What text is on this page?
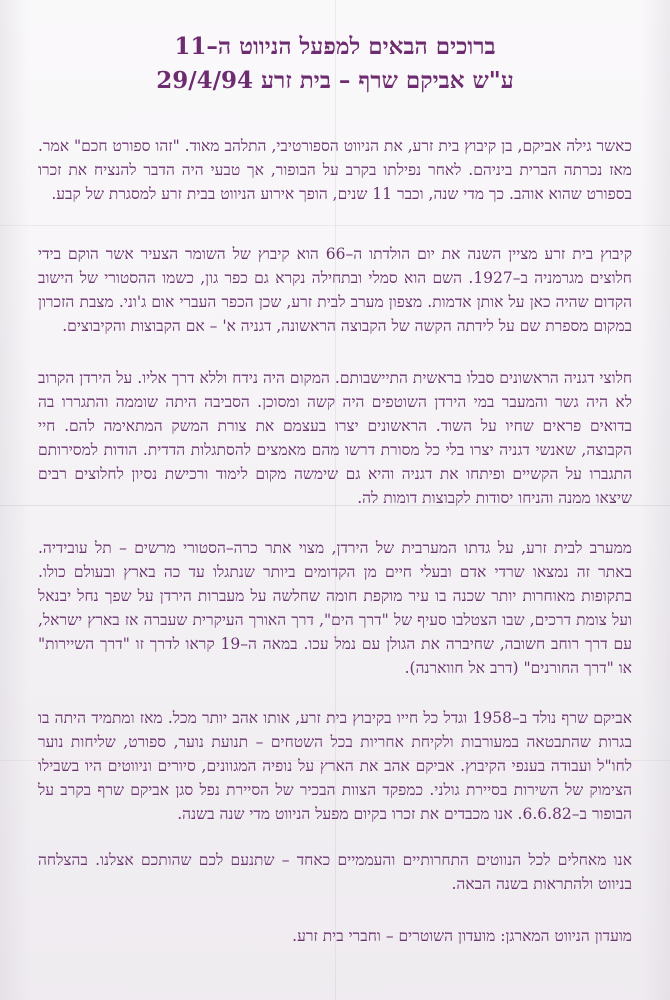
ברוכים הבאים למפעל הניווט ה–11
ע"ש אביקם שרף – בית זרע 29/4/94

כאשר גילה אביקם, בן קיבוץ בית זרע, את הניווט הספורטיבי, התלהב מאוד. "זהו ספורט חכם" אמר. מאז נכרתה הברית ביניהם. לאחר נפילתו בקרב על הבופור, אך טבעי היה הדבר להנציח את זכרו בספורט שהוא אוהב. כך מדי שנה, וכבר 11 שנים, הופך אירוע הניווט בבית זרע למסגרת של קבע.

קיבוץ בית זרע מציין השנה את יום הולדתו ה–66 הוא קיבוץ של השומר הצעיר אשר הוקם בידי חלוצים מגרמניה ב–1927. השם הוא סמלי ובתחילה נקרא גם כפר גון, כשמו ההסטורי של הישוב הקדום שהיה כאן על אותן אדמות. מצפון מערב לבית זרע, שכן הכפר העברי אום ג'וני. מצבת הזכרון במקום מספרת שם על לידתה הקשה של הקבוצה הראשונה, דגניה א' – אם הקבוצות והקיבוצים.

חלוצי דגניה הראשונים סבלו בראשית התיישבותם. המקום היה נידח וללא דרך אליו. על הירדן הקרוב לא היה גשר והמעבר במי הירדן השוטפים היה קשה ומסוכן. הסביבה היתה שוממה והתגררו בה בדואים פראים שחיו על השוד. הראשונים יצרו בעצמם את צורת המשק המתאימה להם. חיי הקבוצה, שאנשי דגניה יצרו בלי כל מסורת דרשו מהם מאמצים להסתגלות הדדית. הודות למסירותם התגברו על הקשיים ופיתחו את דגניה והיא גם שימשה מקום לימוד ורכישת נסיון לחלוצים רבים שיצאו ממנה והניחו יסודות לקבוצות דומות לה.

ממערב לבית זרע, על גדתו המערבית של הירדן, מצוי אתר כרה–הסטורי מרשים – תל עובידיה. באתר זה נמצאו שרדי אדם ובעלי חיים מן הקדומים ביותר שנתגלו עד כה בארץ ובעולם כולו. בתקופות מאוחרות יותר שכנה בו עיר מוקפת חומה שחלשה על מעברות הירדן על שפך נחל יבנאל ועל צומת דרכים, שבו הצטלבו סעיף של "דרך הים", דרך האורך העיקרית שעברה אז בארץ ישראל, עם דרך רוחב חשובה, שחיברה את הגולן עם נמל עכו. במאה ה–19 קראו לדרך זו "דרך השיירות" או "דרך החורנים" (דרב אל חווארנה).

אביקם שרף נולד ב–1958 וגדל כל חייו בקיבוץ בית זרע, אותו אהב יותר מכל. מאז ומתמיד היתה בו בגרות שהתבטאה במעורבות ולקיחת אחריות בכל השטחים – תנועת נוער, ספורט, שליחות נוער לחו"ל ועבודה בענפי הקיבוץ. אביקם אהב את הארץ על נופיה המגוונים, סיורים וניווטים היו בשבילו הצימוק של השירות בסיירת גולני. כמפקד הצוות הבכיר של הסיירת נפל סגן אביקם שרף בקרב על הבופור ב–6.6.82. אנו מכבדים את זכרו בקיום מפעל הניווט מדי שנה בשנה.

אנו מאחלים לכל הנווטים התחרותיים והעממיים כאחד – שתנעם לכם שהותכם אצלנו. בהצלחה בניווט ולהתראות בשנה הבאה.

מועדון הניווט המארגן: מועדון השוטרים – וחברי בית זרע.
